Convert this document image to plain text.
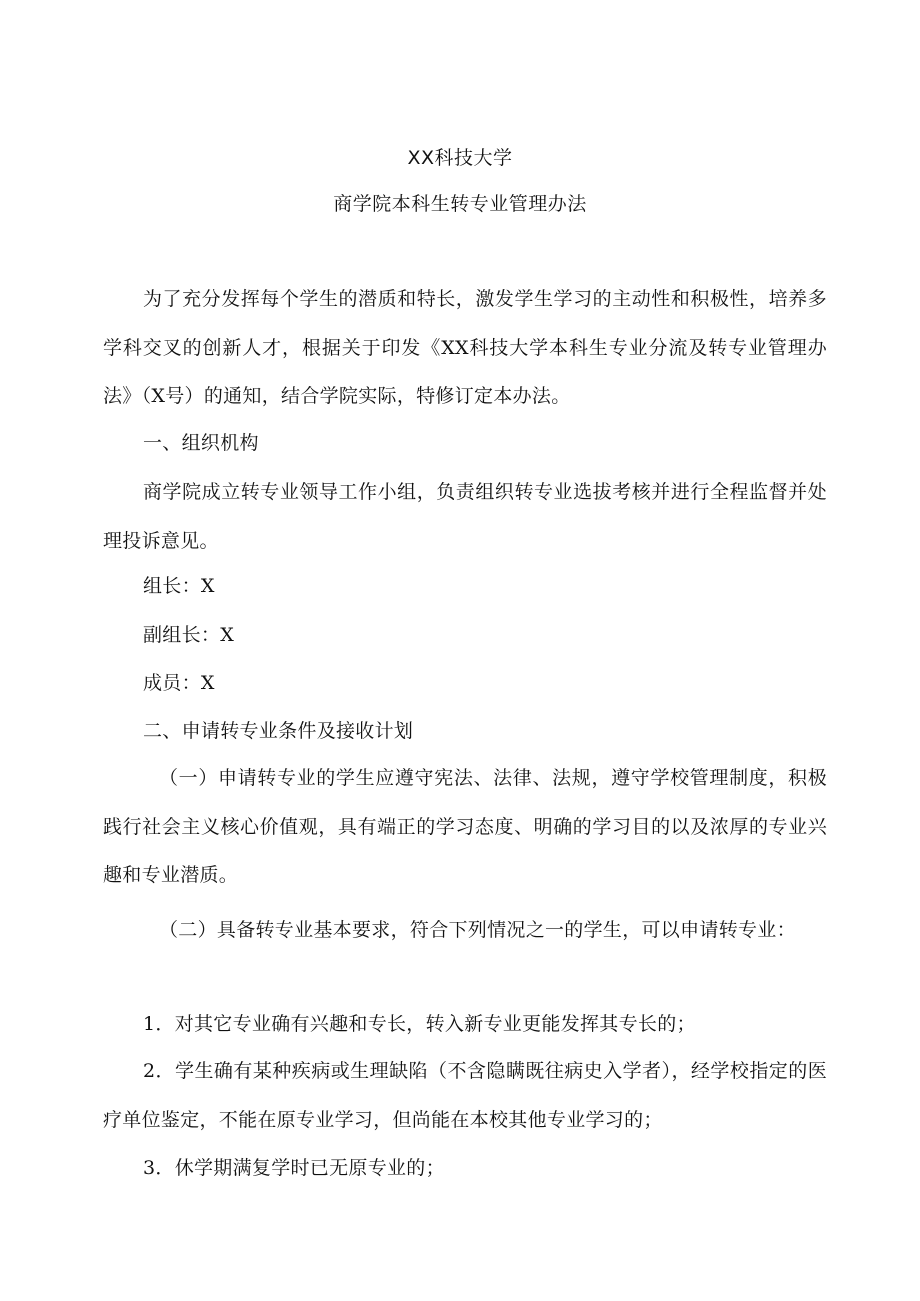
XX科技大学
商学院本科生转专业管理办法
为了充分发挥每个学生的潜质和特长，激发学生学习的主动性和积极性，培养多学科交叉的创新人才，根据关于印发《XX科技大学本科生专业分流及转专业管理办法》（X号）的通知，结合学院实际，特修订定本办法。
一、组织机构
商学院成立转专业领导工作小组，负责组织转专业选拔考核并进行全程监督并处理投诉意见。
组长：X
副组长：X
成员：X
二、申请转专业条件及接收计划
（一）申请转专业的学生应遵守宪法、法律、法规，遵守学校管理制度，积极践行社会主义核心价值观，具有端正的学习态度、明确的学习目的以及浓厚的专业兴趣和专业潜质。
（二）具备转专业基本要求，符合下列情况之一的学生，可以申请转专业：
1．对其它专业确有兴趣和专长，转入新专业更能发挥其专长的；
2．学生确有某种疾病或生理缺陷（不含隐瞒既往病史入学者），经学校指定的医疗单位鉴定，不能在原专业学习，但尚能在本校其他专业学习的；
3．休学期满复学时已无原专业的；
